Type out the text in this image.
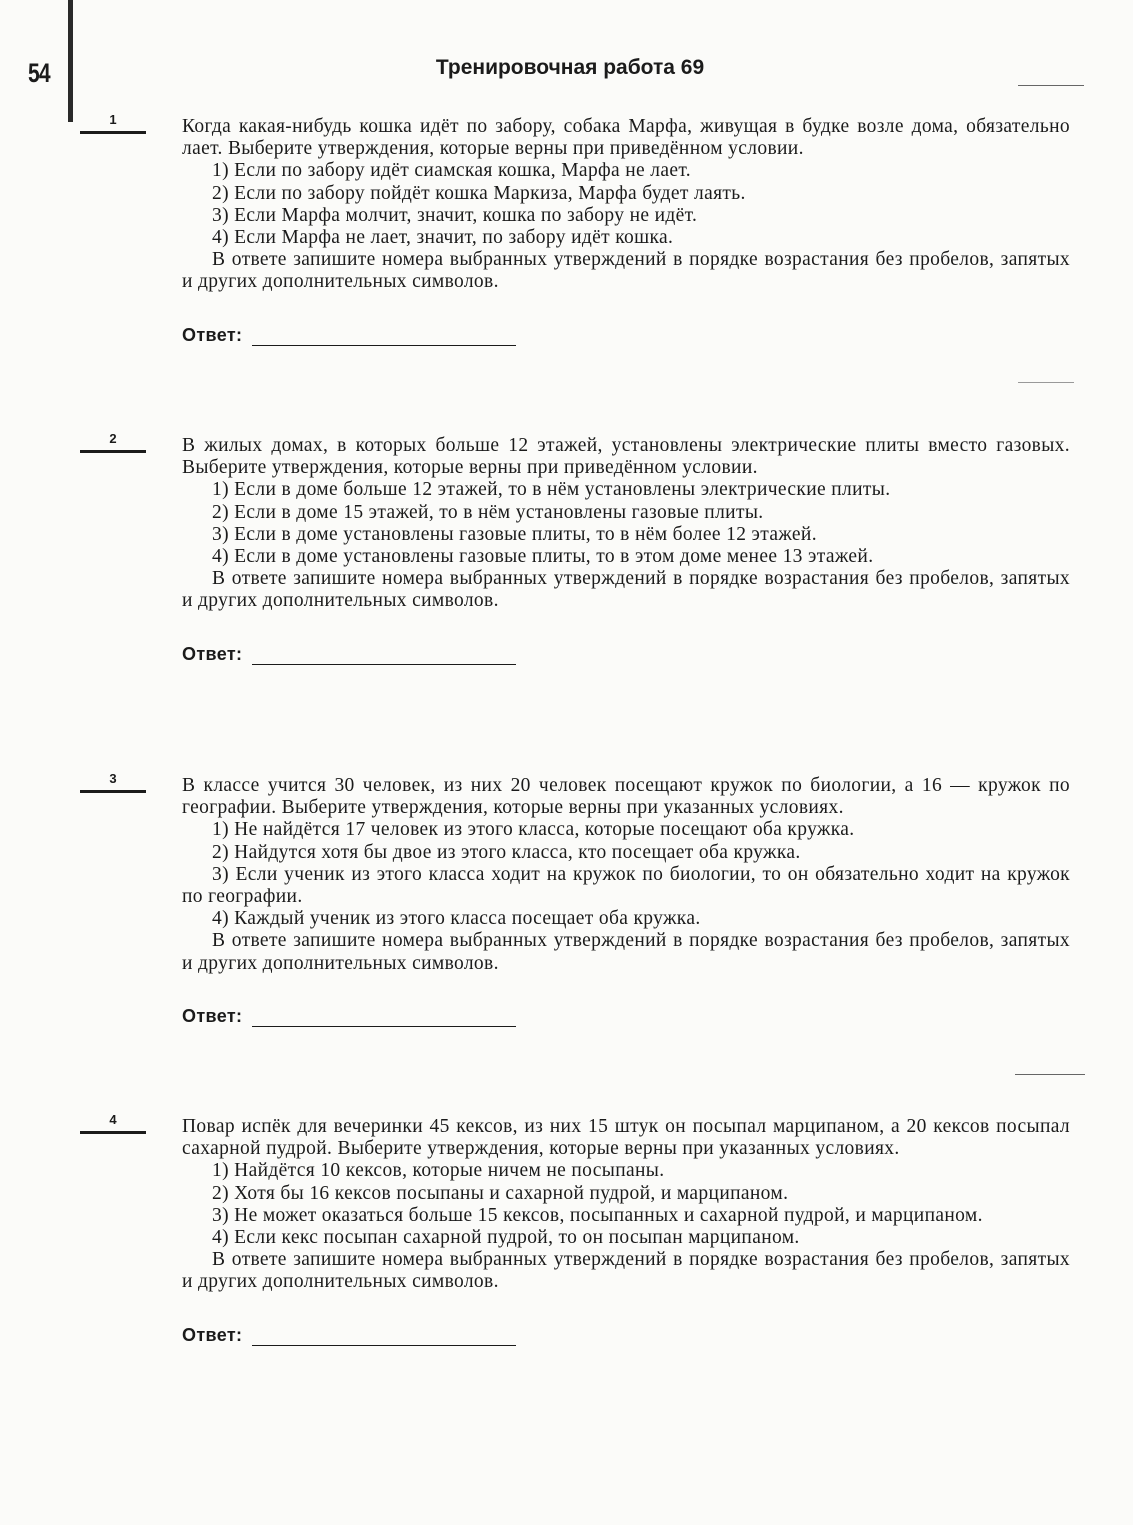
54	Тренировочная работа 69
1	Когда какая-нибудь кошка идёт по забору, собака Марфа, живущая в будке возле дома, обязательно лает. Выберите утверждения, которые верны при приведённом условии.

1) Если по забору идёт сиамская кошка, Марфа не лает.

2) Если по забору пойдёт кошка Маркиза, Марфа будет лаять.

3) Если Марфа молчит, значит, кошка по забору не идёт.

4) Если Марфа не лает, значит, по забору идёт кошка.

В ответе запишите номера выбранных утверждений в порядке возрастания без пробелов, запятых и других дополнительных символов.

Ответ:
2	В жилых домах, в которых больше 12 этажей, установлены электрические плиты вместо газовых. Выберите утверждения, которые верны при приведённом условии.

1) Если в доме больше 12 этажей, то в нём установлены электрические плиты.

2) Если в доме 15 этажей, то в нём установлены газовые плиты.

3) Если в доме установлены газовые плиты, то в нём более 12 этажей.

4) Если в доме установлены газовые плиты, то в этом доме менее 13 этажей.

В ответе запишите номера выбранных утверждений в порядке возрастания без пробелов, запятых и других дополнительных символов.

Ответ:
3	В классе учится 30 человек, из них 20 человек посещают кружок по биологии, а 16 — кружок по географии. Выберите утверждения, которые верны при указанных условиях.

1) Не найдётся 17 человек из этого класса, которые посещают оба кружка.

2) Найдутся хотя бы двое из этого класса, кто посещает оба кружка.

3) Если ученик из этого класса ходит на кружок по биологии, то он обязательно ходит на кружок по географии.

4) Каждый ученик из этого класса посещает оба кружка.

В ответе запишите номера выбранных утверждений в порядке возрастания без пробелов, запятых и других дополнительных символов.

Ответ:
4	Повар испёк для вечеринки 45 кексов, из них 15 штук он посыпал марципаном, а 20 кексов посыпал сахарной пудрой. Выберите утверждения, которые верны при указанных условиях.

1) Найдётся 10 кексов, которые ничем не посыпаны.

2) Хотя бы 16 кексов посыпаны и сахарной пудрой, и марципаном.

3) Не может оказаться больше 15 кексов, посыпанных и сахарной пудрой, и марципаном.

4) Если кекс посыпан сахарной пудрой, то он посыпан марципаном.

В ответе запишите номера выбранных утверждений в порядке возрастания без пробелов, запятых и других дополнительных символов.

Ответ:
